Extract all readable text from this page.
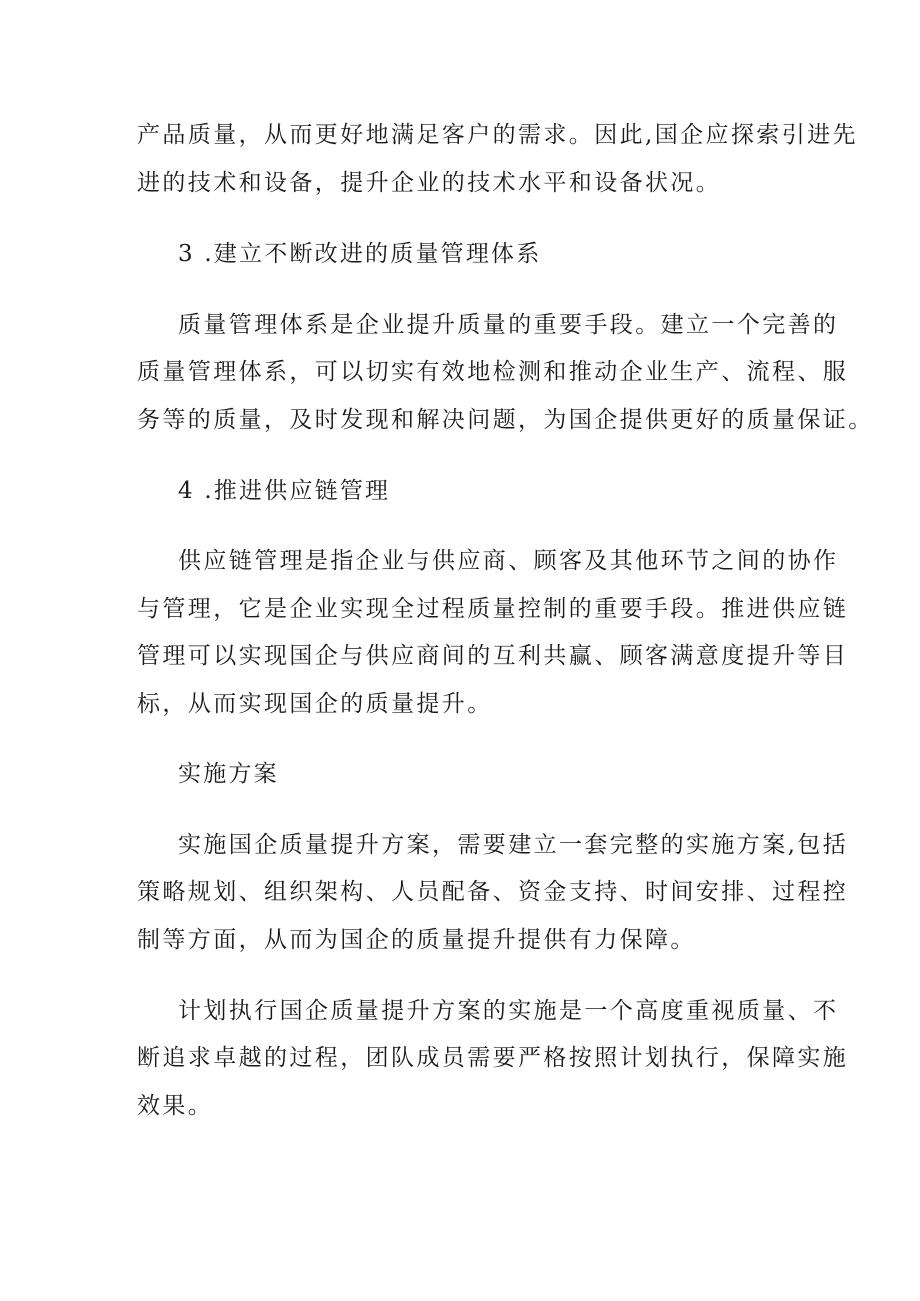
产品质量，从而更好地满足客户的需求。因此,国企应探索引进先
进的技术和设备，提升企业的技术水平和设备状况。
3 .建立不断改进的质量管理体系
质量管理体系是企业提升质量的重要手段。建立一个完善的
质量管理体系，可以切实有效地检测和推动企业生产、流程、服
务等的质量，及时发现和解决问题，为国企提供更好的质量保证。
4 .推进供应链管理
供应链管理是指企业与供应商、顾客及其他环节之间的协作
与管理，它是企业实现全过程质量控制的重要手段。推进供应链
管理可以实现国企与供应商间的互利共赢、顾客满意度提升等目
标，从而实现国企的质量提升。
实施方案
实施国企质量提升方案，需要建立一套完整的实施方案,包括
策略规划、组织架构、人员配备、资金支持、时间安排、过程控
制等方面，从而为国企的质量提升提供有力保障。
计划执行国企质量提升方案的实施是一个高度重视质量、不
断追求卓越的过程，团队成员需要严格按照计划执行，保障实施
效果。
